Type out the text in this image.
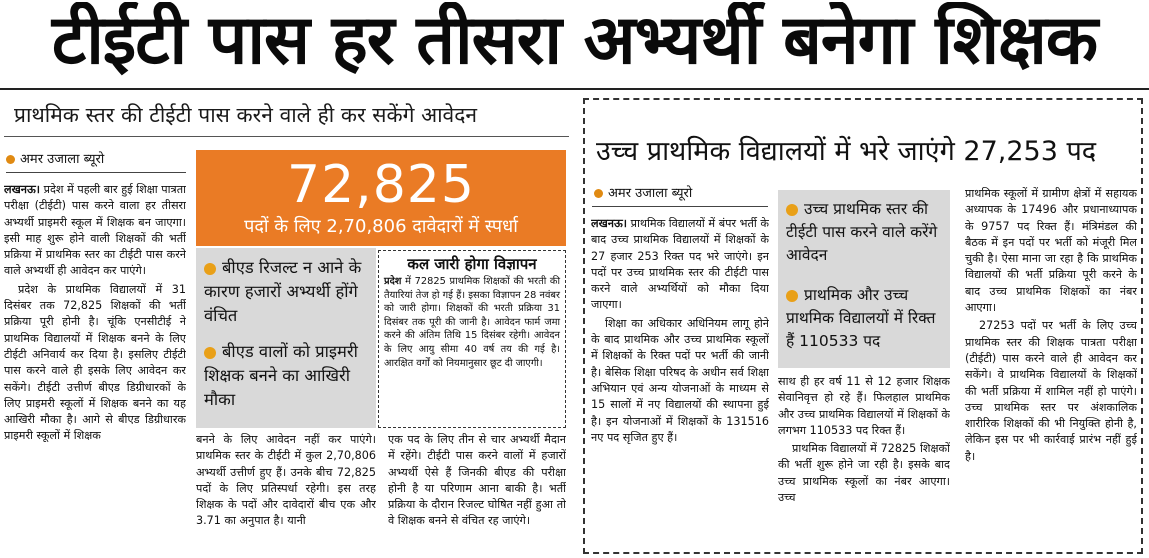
टीईटी पास हर तीसरा अभ्यर्थी बनेगा शिक्षक
प्राथमिक स्तर की टीईटी पास करने वाले ही कर सकेंगे आवेदन
अमर उजाला ब्यूरो

लखनऊ। प्रदेश में पहली बार हुई शिक्षा पात्रता परीक्षा (टीईटी) पास करने वाला हर तीसरा अभ्यर्थी प्राइमरी स्कूल में शिक्षक बन जाएगा। इसी माह शुरू होने वाली शिक्षकों की भर्ती प्रक्रिया में प्राथमिक स्तर का टीईटी पास करने वाले अभ्यर्थी ही आवेदन कर पाएंगे।

प्रदेश के प्राथमिक विद्यालयों में 31 दिसंबर तक 72,825 शिक्षकों की भर्ती प्रक्रिया पूरी होनी है। चूंकि एनसीटीई ने प्राथमिक विद्यालयों में शिक्षक बनने के लिए टीईटी अनिवार्य कर दिया है। इसलिए टीईटी पास करने वाले ही इसके लिए आवेदन कर सकेंगे। टीईटी उत्तीर्ण बीएड डिग्रीधारकों के लिए प्राइमरी स्कूलों में शिक्षक बनने का यह आखिरी मौका है। आगे से बीएड डिग्रीधारक प्राइमरी स्कूलों में शिक्षक

72,825
पदों के लिए 2,70,806 दावेदारों में स्पर्धा
बीएड रिजल्ट न आने के कारण हजारों अभ्यर्थी होंगे वंचित
बीएड वालों को प्राइमरी शिक्षक बनने का आखिरी मौका
कल जारी होगा विज्ञापन
प्रदेश में 72825 प्राथमिक शिक्षकों की भरती की तैयारियां तेज हो गई हैं। इसका विज्ञापन 28 नवंबर को जारी होगा। शिक्षकों की भरती प्रक्रिया 31 दिसंबर तक पूरी की जानी है। आवेदन फार्म जमा करने की अंतिम तिथि 15 दिसंबर रहेगी। आवेदन के लिए आयु सीमा 40 वर्ष तय की गई है। आरक्षित वर्गों को नियमानुसार छूट दी जाएगी।
बनने के लिए आवेदन नहीं कर पाएंगे। प्राथमिक स्तर के टीईटी में कुल 2,70,806 अभ्यर्थी उत्तीर्ण हुए हैं। उनके बीच 72,825 पदों के लिए प्रतिस्पर्धा रहेगी। इस तरह शिक्षक के पदों और दावेदारों बीच एक और 3.71 का अनुपात है। यानी
एक पद के लिए तीन से चार अभ्यर्थी मैदान में रहेंगे। टीईटी पास करने वालों में हजारों अभ्यर्थी ऐसे हैं जिनकी बीएड की परीक्षा होनी है या परिणाम आना बाकी है। भर्ती प्रक्रिया के दौरान रिजल्ट घोषित नहीं हुआ तो वे शिक्षक बनने से वंचित रह जाएंगे।
उच्च प्राथमिक विद्यालयों में भरे जाएंगे 27,253 पद
अमर उजाला ब्यूरो

लखनऊ। प्राथमिक विद्यालयों में बंपर भर्ती के बाद उच्च प्राथमिक विद्यालयों में शिक्षकों के 27 हजार 253 रिक्त पद भरे जाएंगे। इन पदों पर उच्च प्राथमिक स्तर की टीईटी पास करने वाले अभ्यर्थियों को मौका दिया जाएगा।

शिक्षा का अधिकार अधिनियम लागू होने के बाद प्राथमिक और उच्च प्राथमिक स्कूलों में शिक्षकों के रिक्त पदों पर भर्ती की जानी है। बेसिक शिक्षा परिषद के अधीन सर्व शिक्षा अभियान एवं अन्य योजनाओं के माध्यम से 15 सालों में नए विद्यालयों की स्थापना हुई है। इन योजनाओं में शिक्षकों के 131516 नए पद सृजित हुए हैं।

उच्च प्राथमिक स्तर की टीईटी पास करने वाले करेंगे आवेदन
प्राथमिक और उच्च प्राथमिक विद्यालयों में रिक्त हैं 110533 पद

साथ ही हर वर्ष 11 से 12 हजार शिक्षक सेवानिवृत्त हो रहे हैं। फिलहाल प्राथमिक और उच्च प्राथमिक विद्यालयों में शिक्षकों के लगभग 110533 पद रिक्त हैं।

प्राथमिक विद्यालयों में 72825 शिक्षकों की भर्ती शुरू होने जा रही है। इसके बाद उच्च प्राथमिक स्कूलों का नंबर आएगा। उच्च

प्राथमिक स्कूलों में ग्रामीण क्षेत्रों में सहायक अध्यापक के 17496 और प्रधानाध्यापक के 9757 पद रिक्त हैं। मंत्रिमंडल की बैठक में इन पदों पर भर्ती को मंजूरी मिल चुकी है। ऐसा माना जा रहा है कि प्राथमिक विद्यालयों की भर्ती प्रक्रिया पूरी करने के बाद उच्च प्राथमिक शिक्षकों का नंबर आएगा।

27253 पदों पर भर्ती के लिए उच्च प्राथमिक स्तर की शिक्षक पात्रता परीक्षा (टीईटी) पास करने वाले ही आवेदन कर सकेंगे। वे प्राथमिक विद्यालयों के शिक्षकों की भर्ती प्रक्रिया में शामिल नहीं हो पाएंगे। उच्च प्राथमिक स्तर पर अंशकालिक शारीरिक शिक्षकों की भी नियुक्ति होनी है, लेकिन इस पर भी कार्रवाई प्रारंभ नहीं हुई है।
